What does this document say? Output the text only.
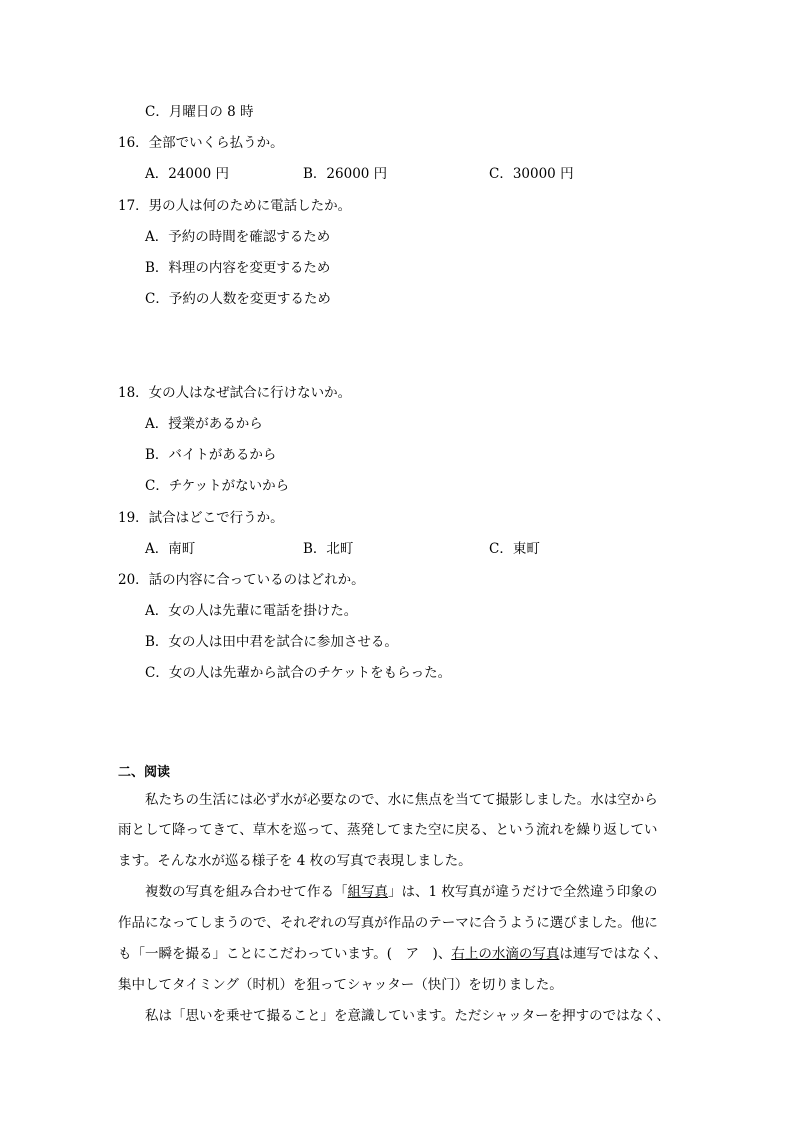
C．月曜日の 8 時
16．全部でいくら払うか。
A．24000 円	B．26000 円	C．30000 円
17．男の人は何のために電話したか。
A．予約の時間を確認するため
B．料理の内容を変更するため
C．予約の人数を変更するため
18．女の人はなぜ試合に行けないか。
A．授業があるから
B．バイトがあるから
C．チケットがないから
19．試合はどこで行うか。
A．南町	B．北町	C．東町
20．話の内容に合っているのはどれか。
A．女の人は先輩に電話を掛けた。
B．女の人は田中君を試合に参加させる。
C．女の人は先輩から試合のチケットをもらった。
二、阅读
私たちの生活には必ず水が必要なので、水に焦点を当てて撮影しました。水は空から
雨として降ってきて、草木を巡って、蒸発してまた空に戻る、という流れを繰り返してい
ます。そんな水が巡る様子を 4 枚の写真で表現しました。
複数の写真を組み合わせて作る「組写真」は、1 枚写真が違うだけで全然違う印象の
作品になってしまうので、それぞれの写真が作品のテーマに合うように選びました。他に
も「一瞬を撮る」ことにこだわっています。(　ア　)、右上の水滴の写真は連写ではなく、
集中してタイミング（时机）を狙ってシャッター（快门）を切りました。
私は「思いを乗せて撮ること」を意識しています。ただシャッターを押すのではなく、
